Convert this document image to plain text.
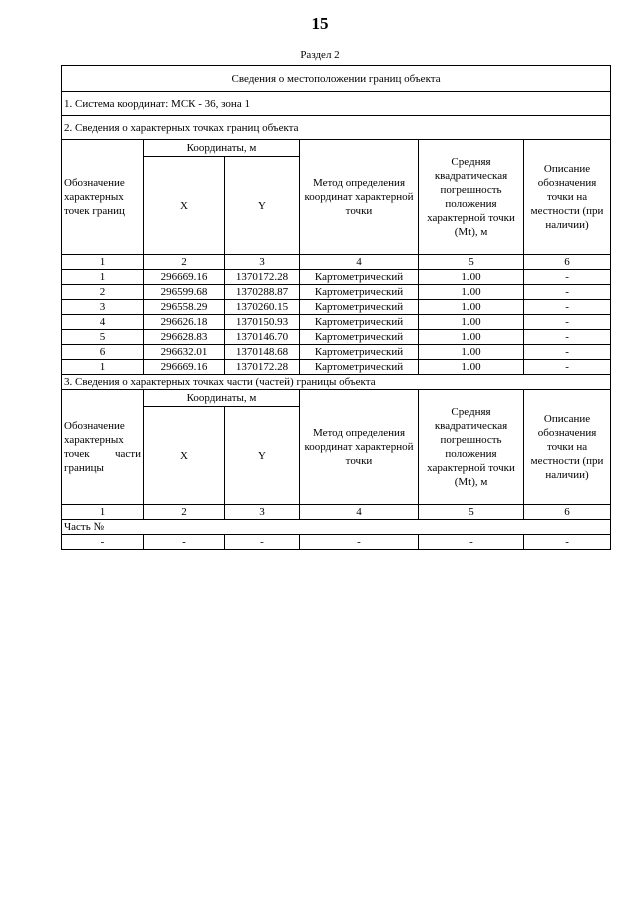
15
Раздел 2
Сведения о местоположении границ объекта					
1. Система координат: МСК - 36, зона 1					
2. Сведения о характерных точках границ объекта					
Обозначение характерных точек границ	Координаты, м		Метод определения координат характерной точки	Средняя квадратическая погрешность положения характерной точки (Mt), м	Описание обозначения точки на местности (при наличии)
	X	Y			
1	2	3	4	5	6
1	296669.16	1370172.28	Картометрический	1.00	-
2	296599.68	1370288.87	Картометрический	1.00	-
3	296558.29	1370260.15	Картометрический	1.00	-
4	296626.18	1370150.93	Картометрический	1.00	-
5	296628.83	1370146.70	Картометрический	1.00	-
6	296632.01	1370148.68	Картометрический	1.00	-
1	296669.16	1370172.28	Картометрический	1.00	-
3. Сведения о характерных точках части (частей) границы объекта					
Обозначение характерных точек части границы	Координаты, м		Метод определения координат характерной точки	Средняя квадратическая погрешность положения характерной точки (Mt), м	Описание обозначения точки на местности (при наличии)
	X	Y			
1	2	3	4	5	6
Часть №					
-	-	-	-	-	-
